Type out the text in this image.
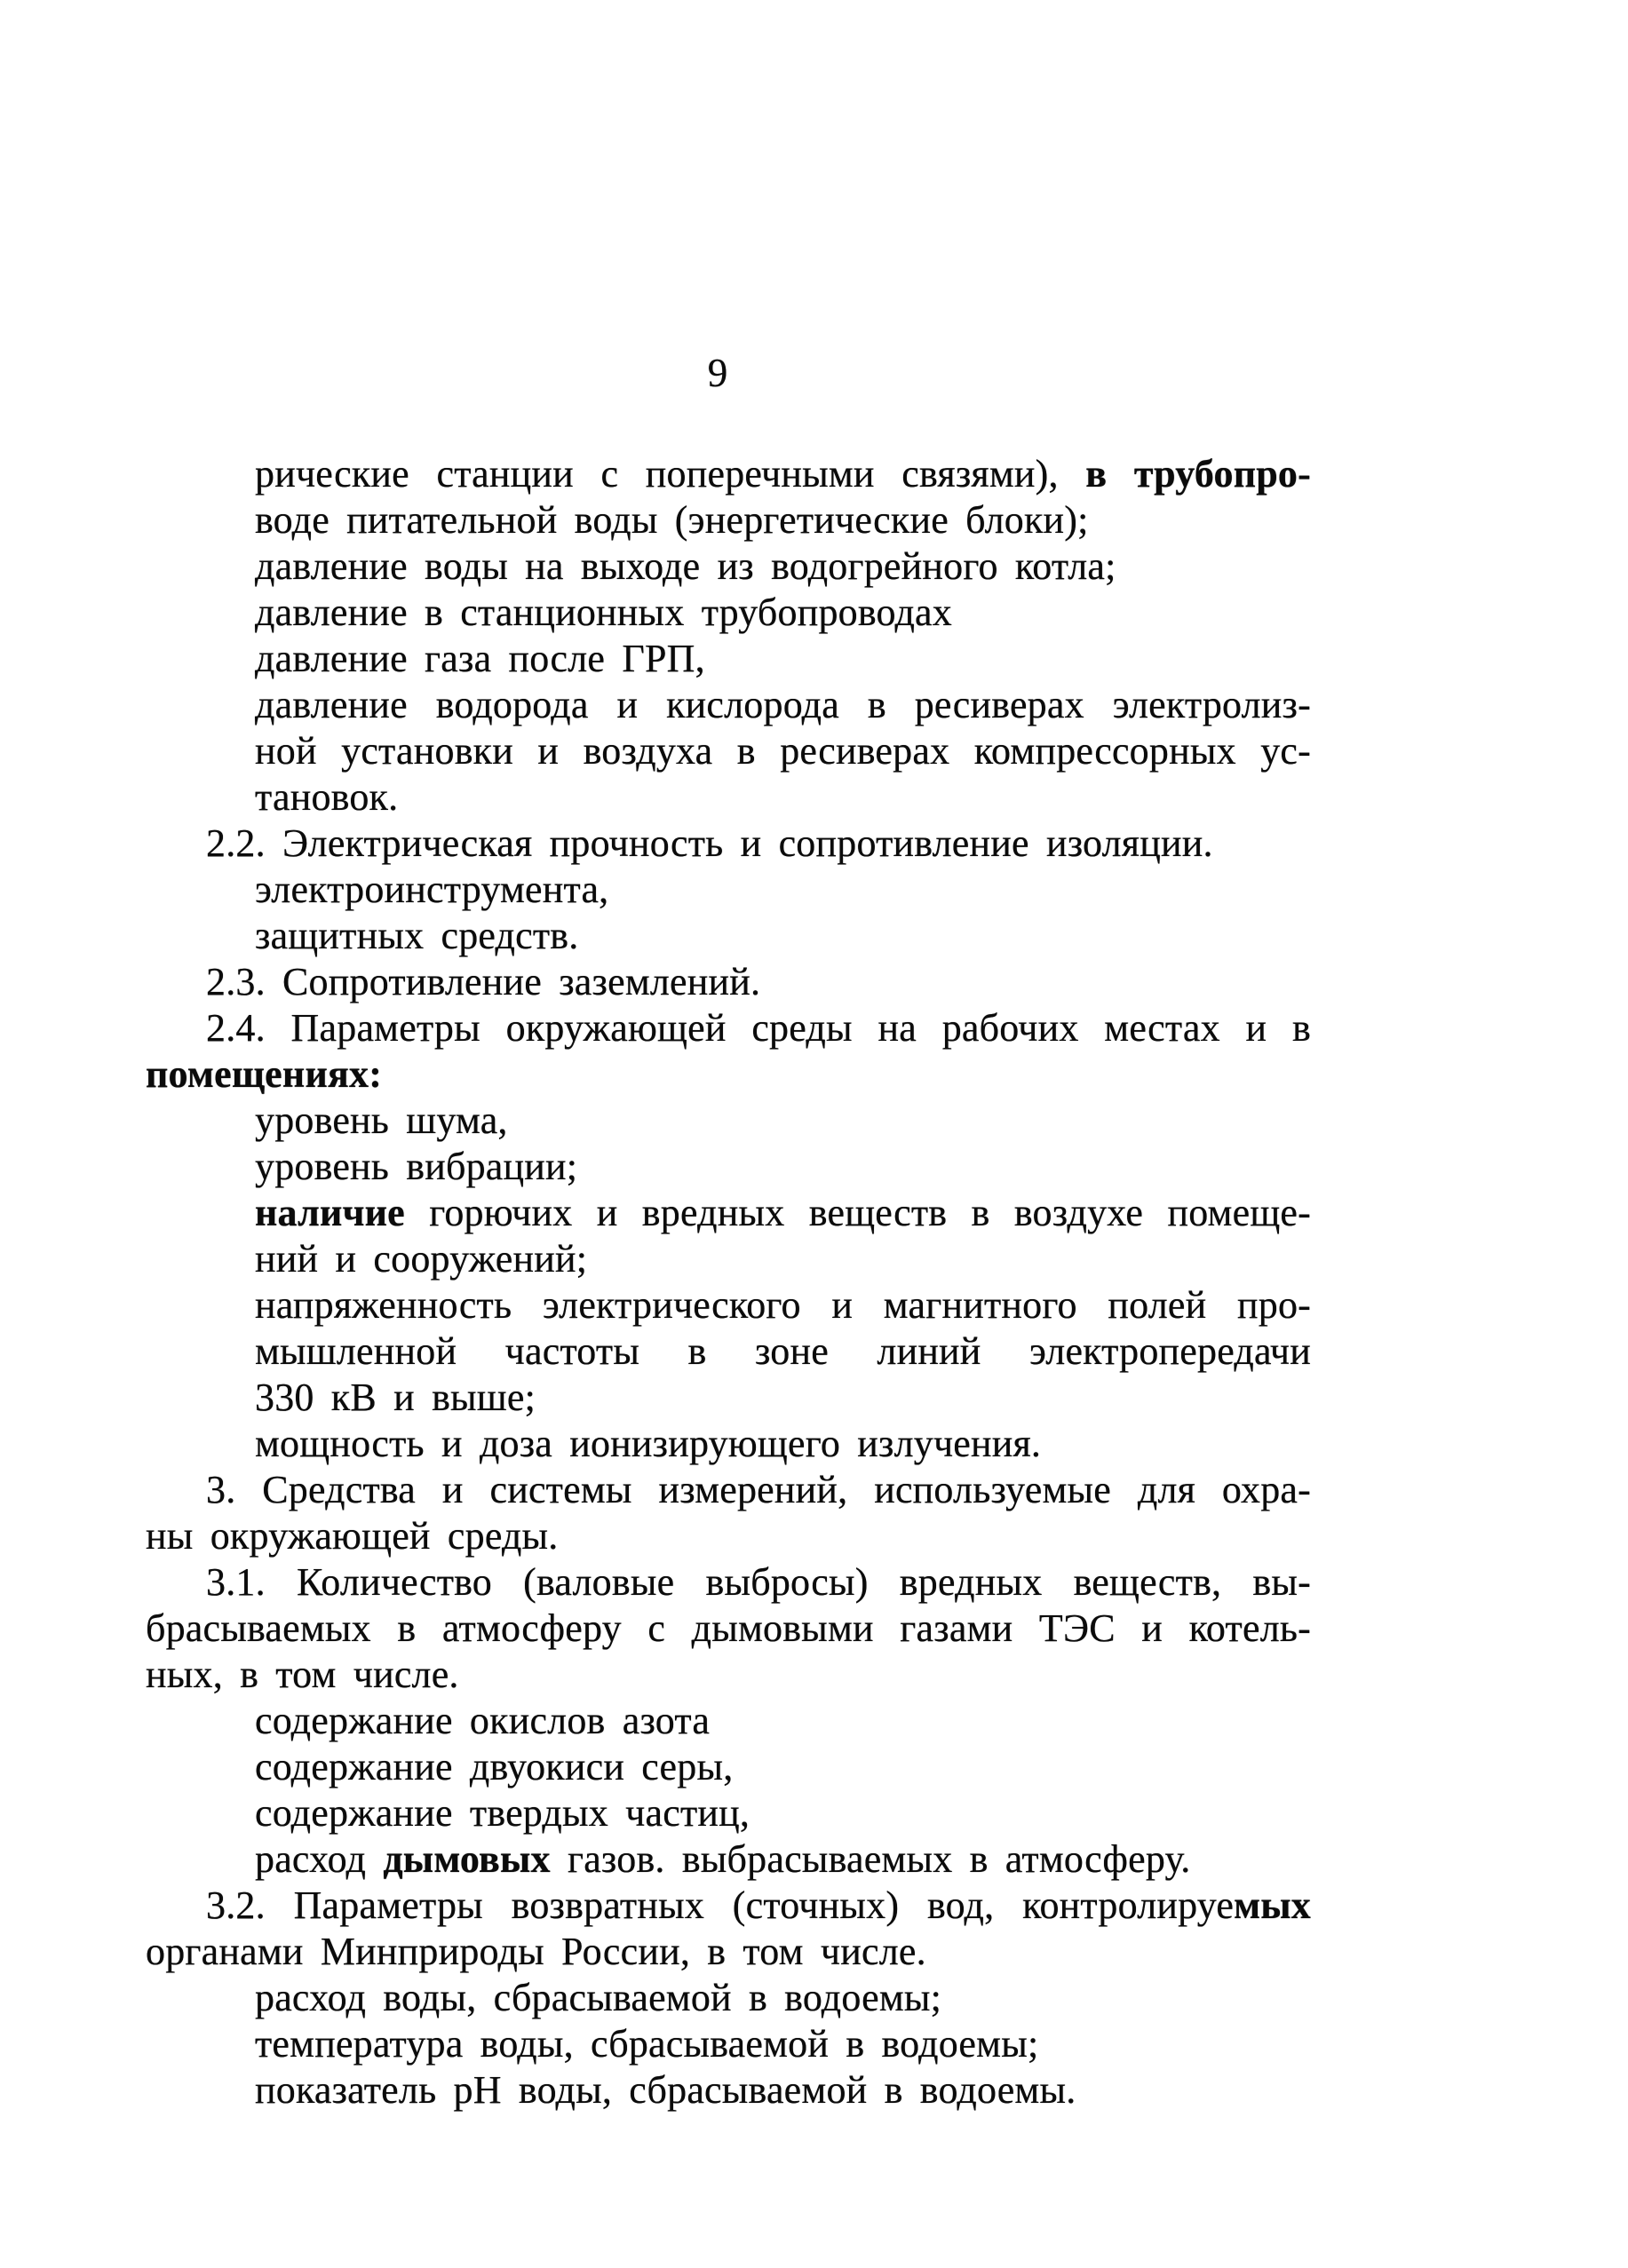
9
рические станции с поперечными связями), в трубопро-
воде питательной воды (энергетические блоки);
давление воды на выходе из водогрейного котла;
давление в станционных трубопроводах
давление газа после ГРП,
давление водорода и кислорода в ресиверах электролиз-
ной установки и воздуха в ресиверах компрессорных ус-
тановок.
2.2. Электрическая прочность и сопротивление изоляции.
электроинструмента,
защитных средств.
2.3. Сопротивление заземлений.
2.4. Параметры окружающей среды на рабочих местах и в
помещениях:
уровень шума,
уровень вибрации;
наличие горючих и вредных веществ в воздухе помеще-
ний и сооружений;
напряженность электрического и магнитного полей про-
мышленной частоты в зоне линий электропередачи
330 кВ и выше;
мощность и доза ионизирующего излучения.
3. Средства и системы измерений, используемые для охра-
ны окружающей среды.
3.1. Количество (валовые выбросы) вредных веществ, вы-
брасываемых в атмосферу с дымовыми газами ТЭС и котель-
ных, в том числе.
содержание окислов азота
содержание двуокиси серы,
содержание твердых частиц,
расход дымовых газов. выбрасываемых в атмосферу.
3.2. Параметры возвратных (сточных) вод, контролируемых
органами Минприроды России, в том числе.
расход воды, сбрасываемой в водоемы;
температура воды, сбрасываемой в водоемы;
показатель рН воды, сбрасываемой в водоемы.
